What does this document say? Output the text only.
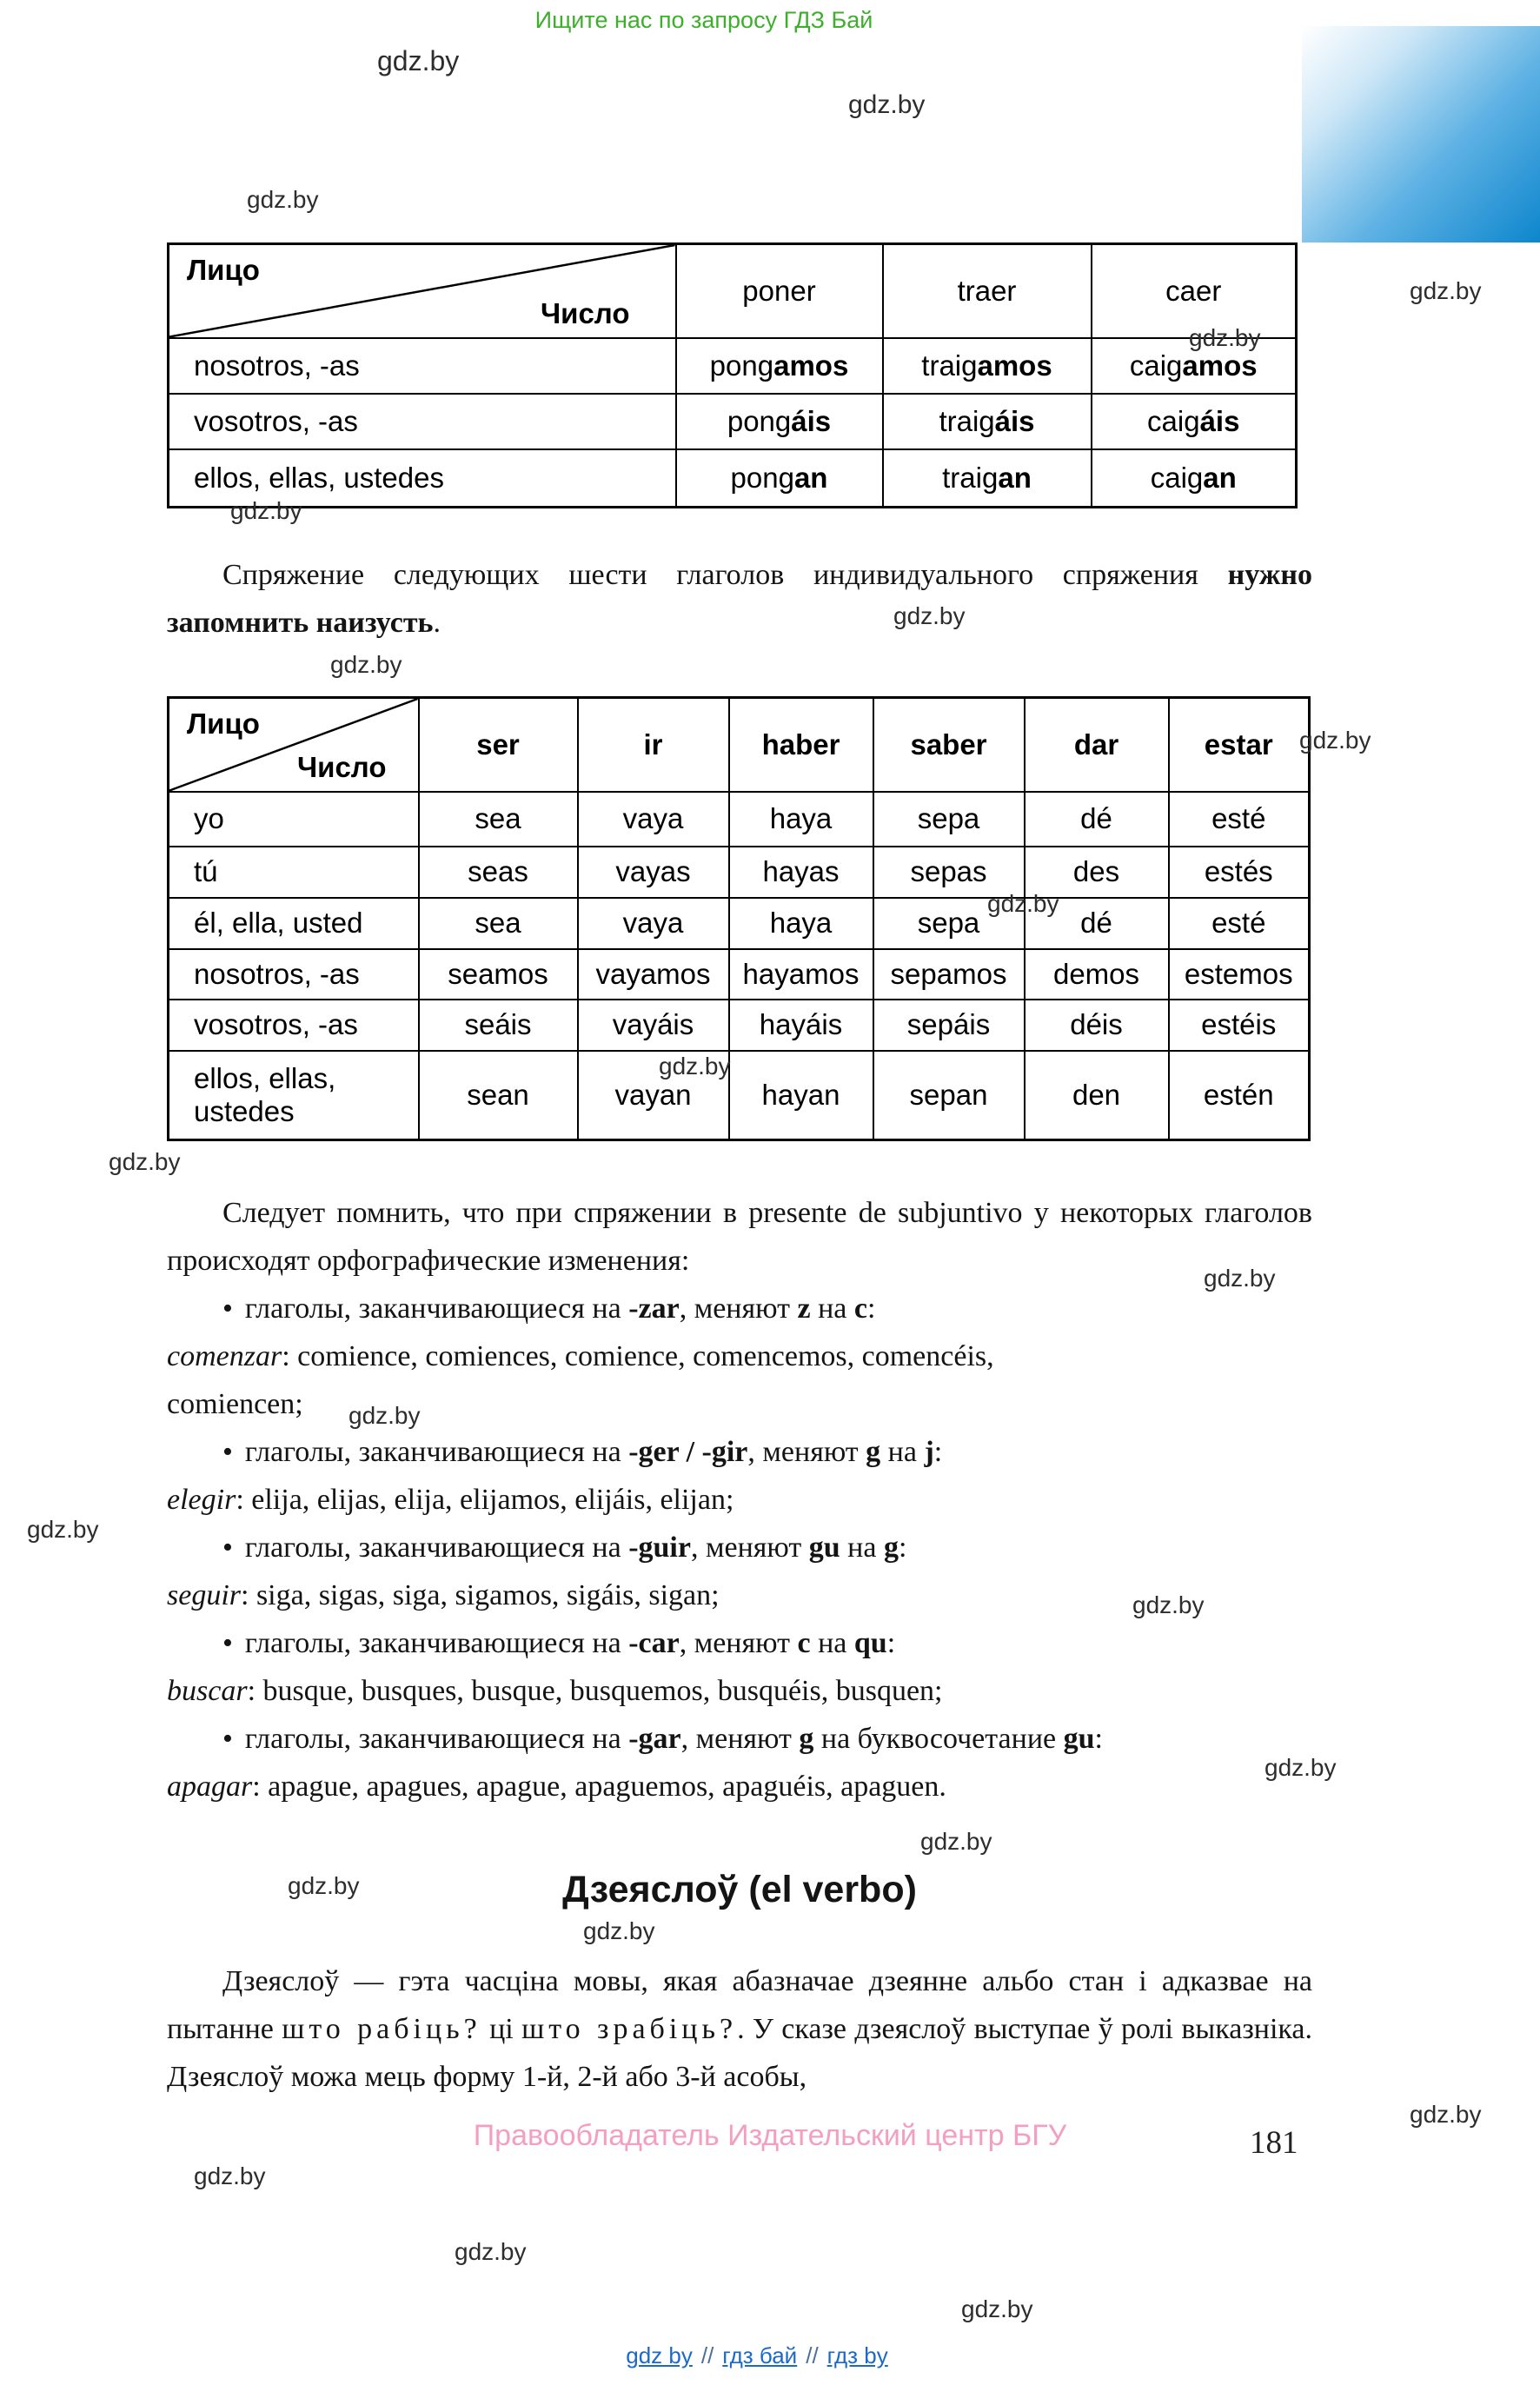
Ищите нас по запросу ГДЗ Бай
gdz.by
gdz.by
gdz.by
gdz.by
gdz.by
gdz.by
gdz.by
gdz.by
gdz.by
gdz.by
gdz.by
gdz.by
gdz.by
gdz.by
gdz.by
gdz.by
gdz.by
gdz.by
gdz.by
gdz.by
gdz.by
gdz.by
gdz.by
gdz.by
Лицо
Число	poner	traer	caer
nosotros, -as	pongamos	traigamos	caigamos
vosotros, -as	pongáis	traigáis	caigáis
ellos, ellas, ustedes	pongan	traigan	caigan

Спряжение следующих шести глаголов индивидуального спряжения нужно запомнить наизусть.

Лицо
Число	ser	ir	haber	saber	dar	estar
yo	sea	vaya	haya	sepa	dé	esté
tú	seas	vayas	hayas	sepas	des	estés
él, ella, usted	sea	vaya	haya	sepa	dé	esté
nosotros, -as	seamos	vayamos	hayamos	sepamos	demos	estemos
vosotros, -as	seáis	vayáis	hayáis	sepáis	déis	estéis
ellos, ellas, ustedes	sean	vayan	hayan	sepan	den	estén

Следует помнить, что при спряжении в presente de subjuntivo у некоторых глаголов происходят орфографические изменения:

• глаголы, заканчивающиеся на -zar, меняют z на c:

comenzar: comience, comiences, comience, comencemos, comencéis,
comiencen;

• глаголы, заканчивающиеся на -ger / -gir, меняют g на j:

elegir: elija, elijas, elija, elijamos, elijáis, elijan;

• глаголы, заканчивающиеся на -guir, меняют gu на g:

seguir: siga, sigas, siga, sigamos, sigáis, sigan;

• глаголы, заканчивающиеся на -car, меняют c на qu:

buscar: busque, busques, busque, busquemos, busquéis, busquen;

• глаголы, заканчивающиеся на -gar, меняют g на буквосочетание gu:

apagar: apague, apagues, apague, apaguemos, apaguéis, apaguen.

Дзеяслоў (el verbo)

Дзеяслоў — гэта часціна мовы, якая абазначае дзеянне альбо стан і адказвае на пытанне што рабіць? ці што зрабіць?. У сказе дзеяслоў выступае ў ролі выказніка. Дзеяслоў можа мець форму 1-й, 2-й або 3-й асобы,

Правообладатель Издательский центр БГУ	181
gdz by // гдз бай // гдз by
